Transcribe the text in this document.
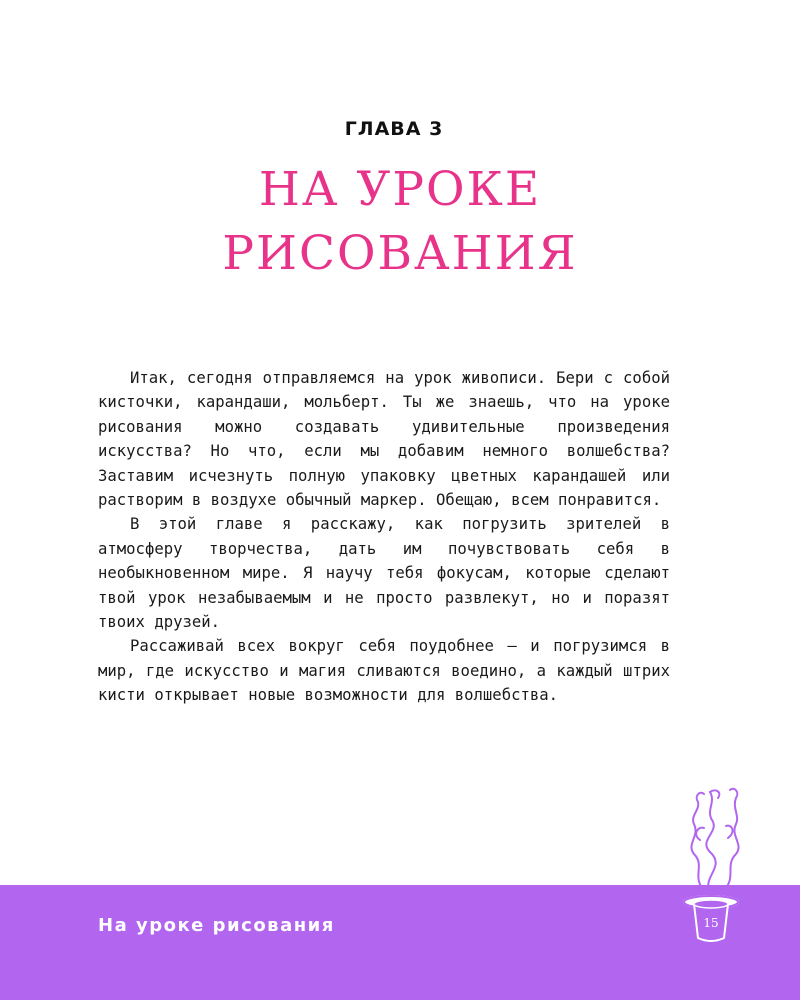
ГЛАВА 3
НА УРОКЕ
РИСОВАНИЯ

Итак, сегодня отправляемся на урок живописи. Бери с собой кисточки, карандаши, мольберт. Ты же знаешь, что на уроке рисования можно создавать удивительные произведения искусства? Но что, если мы добавим немного волшебства? Заставим исчезнуть полную упаковку цветных карандашей или растворим в воздухе обычный маркер. Обещаю, всем понравится.

В этой главе я расскажу, как погрузить зрителей в атмосферу творчества, дать им почувствовать себя в необыкновенном мире. Я научу тебя фокусам, которые сделают твой урок незабываемым и не просто развлекут, но и поразят твоих друзей.

Рассаживай всех вокруг себя поудобнее — и погрузимся в мир, где искусство и магия сливаются воедино, а каждый штрих кисти открывает новые возможности для волшебства.

На уроке рисования	15
